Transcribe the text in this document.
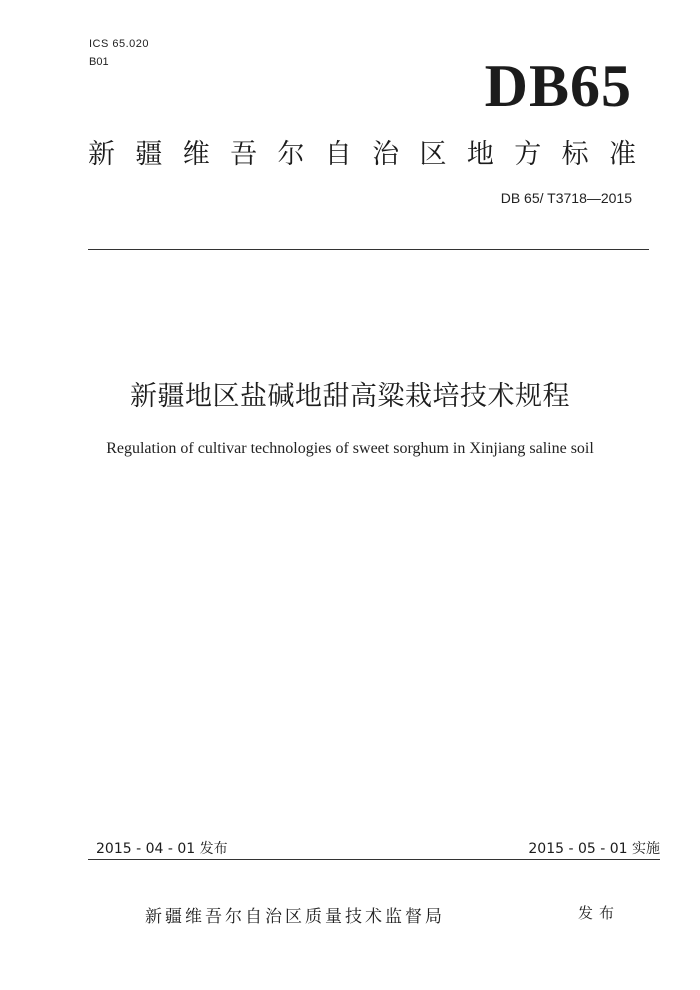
ICS 65.020
B01	DB65
新 疆 维 吾 尔 自 治 区 地 方 标 准
DB 65/ T3718—2015
新疆地区盐碱地甜高粱栽培技术规程
Regulation of cultivar technologies of sweet sorghum in Xinjiang saline soil
2015 - 04 - 01 发布	2015 - 05 - 01 实施
新疆维吾尔自治区质量技术监督局	发布
